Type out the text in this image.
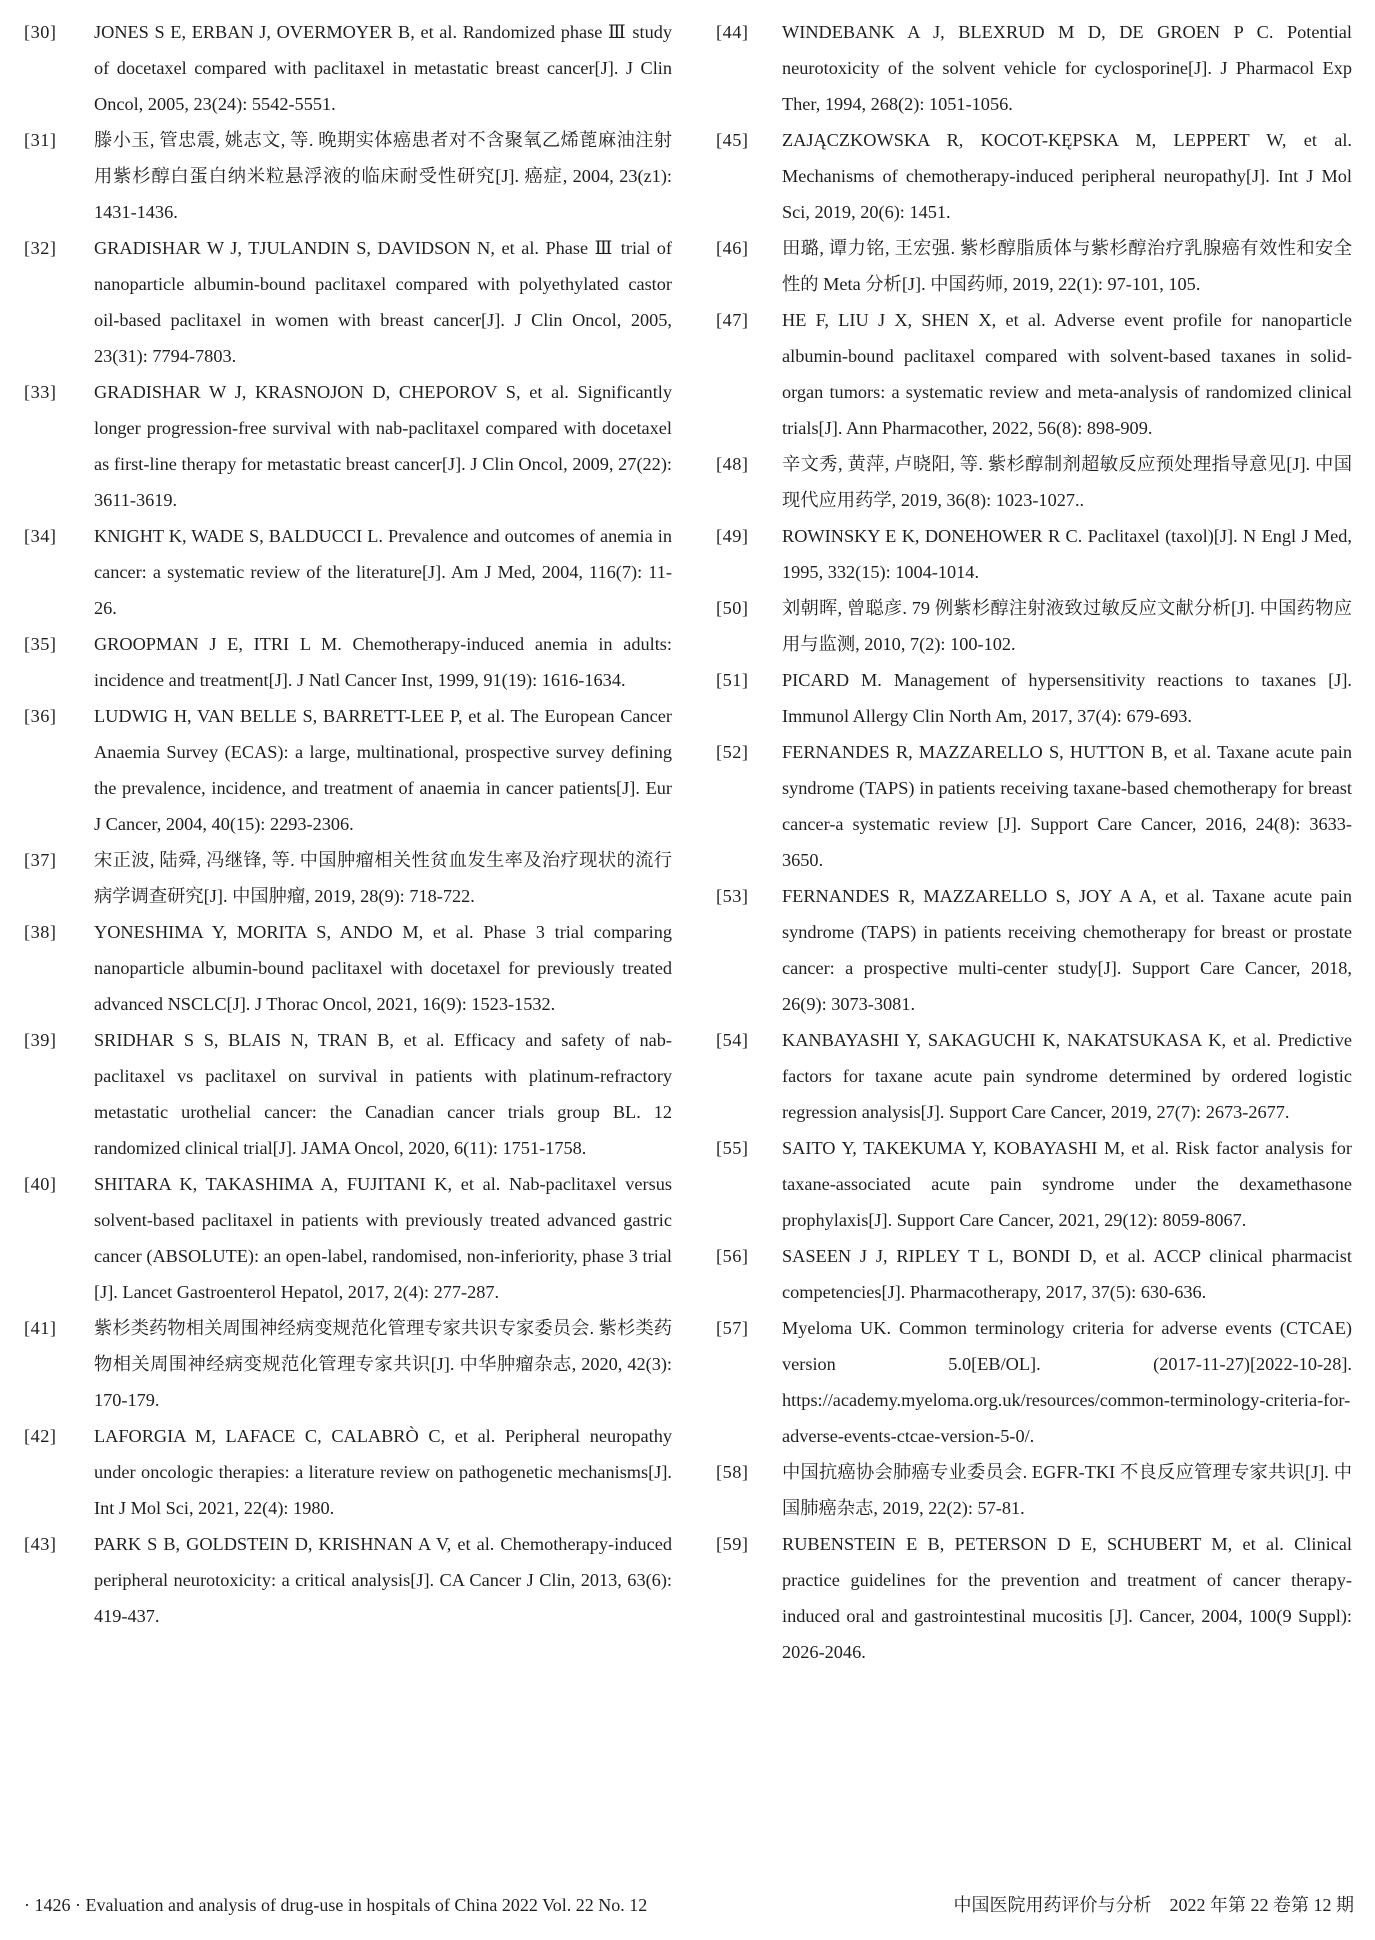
[30]	JONES S E, ERBAN J, OVERMOYER B, et al. Randomized phase Ⅲ study of docetaxel compared with paclitaxel in metastatic breast cancer[J]. J Clin Oncol, 2005, 23(24): 5542-5551.
[31]	滕小玉, 管忠震, 姚志文, 等. 晚期实体癌患者对不含聚氧乙烯蓖麻油注射用紫杉醇白蛋白纳米粒悬浮液的临床耐受性研究[J]. 癌症, 2004, 23(z1): 1431-1436.
[32]	GRADISHAR W J, TJULANDIN S, DAVIDSON N, et al. Phase Ⅲ trial of nanoparticle albumin-bound paclitaxel compared with polyethylated castor oil-based paclitaxel in women with breast cancer[J]. J Clin Oncol, 2005, 23(31): 7794-7803.
[33]	GRADISHAR W J, KRASNOJON D, CHEPOROV S, et al. Significantly longer progression-free survival with nab-paclitaxel compared with docetaxel as first-line therapy for metastatic breast cancer[J]. J Clin Oncol, 2009, 27(22): 3611-3619.
[34]	KNIGHT K, WADE S, BALDUCCI L. Prevalence and outcomes of anemia in cancer: a systematic review of the literature[J]. Am J Med, 2004, 116(7): 11-26.
[35]	GROOPMAN J E, ITRI L M. Chemotherapy-induced anemia in adults: incidence and treatment[J]. J Natl Cancer Inst, 1999, 91(19): 1616-1634.
[36]	LUDWIG H, VAN BELLE S, BARRETT-LEE P, et al. The European Cancer Anaemia Survey (ECAS): a large, multinational, prospective survey defining the prevalence, incidence, and treatment of anaemia in cancer patients[J]. Eur J Cancer, 2004, 40(15): 2293-2306.
[37]	宋正波, 陆舜, 冯继锋, 等. 中国肿瘤相关性贫血发生率及治疗现状的流行病学调查研究[J]. 中国肿瘤, 2019, 28(9): 718-722.
[38]	YONESHIMA Y, MORITA S, ANDO M, et al. Phase 3 trial comparing nanoparticle albumin-bound paclitaxel with docetaxel for previously treated advanced NSCLC[J]. J Thorac Oncol, 2021, 16(9): 1523-1532.
[39]	SRIDHAR S S, BLAIS N, TRAN B, et al. Efficacy and safety of nab-paclitaxel vs paclitaxel on survival in patients with platinum-refractory metastatic urothelial cancer: the Canadian cancer trials group BL. 12 randomized clinical trial[J]. JAMA Oncol, 2020, 6(11): 1751-1758.
[40]	SHITARA K, TAKASHIMA A, FUJITANI K, et al. Nab-paclitaxel versus solvent-based paclitaxel in patients with previously treated advanced gastric cancer (ABSOLUTE): an open-label, randomised, non-inferiority, phase 3 trial [J]. Lancet Gastroenterol Hepatol, 2017, 2(4): 277-287.
[41]	紫杉类药物相关周围神经病变规范化管理专家共识专家委员会. 紫杉类药物相关周围神经病变规范化管理专家共识[J]. 中华肿瘤杂志, 2020, 42(3): 170-179.
[42]	LAFORGIA M, LAFACE C, CALABRÒ C, et al. Peripheral neuropathy under oncologic therapies: a literature review on pathogenetic mechanisms[J]. Int J Mol Sci, 2021, 22(4): 1980.
[43]	PARK S B, GOLDSTEIN D, KRISHNAN A V, et al. Chemotherapy-induced peripheral neurotoxicity: a critical analysis[J]. CA Cancer J Clin, 2013, 63(6): 419-437.
[44]	WINDEBANK A J, BLEXRUD M D, DE GROEN P C. Potential neurotoxicity of the solvent vehicle for cyclosporine[J]. J Pharmacol Exp Ther, 1994, 268(2): 1051-1056.
[45]	ZAJĄCZKOWSKA R, KOCOT-KĘPSKA M, LEPPERT W, et al. Mechanisms of chemotherapy-induced peripheral neuropathy[J]. Int J Mol Sci, 2019, 20(6): 1451.
[46]	田璐, 谭力铭, 王宏强. 紫杉醇脂质体与紫杉醇治疗乳腺癌有效性和安全性的 Meta 分析[J]. 中国药师, 2019, 22(1): 97-101, 105.
[47]	HE F, LIU J X, SHEN X, et al. Adverse event profile for nanoparticle albumin-bound paclitaxel compared with solvent-based taxanes in solid-organ tumors: a systematic review and meta-analysis of randomized clinical trials[J]. Ann Pharmacother, 2022, 56(8): 898-909.
[48]	辛文秀, 黄萍, 卢晓阳, 等. 紫杉醇制剂超敏反应预处理指导意见[J]. 中国现代应用药学, 2019, 36(8): 1023-1027..
[49]	ROWINSKY E K, DONEHOWER R C. Paclitaxel (taxol)[J]. N Engl J Med, 1995, 332(15): 1004-1014.
[50]	刘朝晖, 曾聪彦. 79 例紫杉醇注射液致过敏反应文献分析[J]. 中国药物应用与监测, 2010, 7(2): 100-102.
[51]	PICARD M. Management of hypersensitivity reactions to taxanes [J]. Immunol Allergy Clin North Am, 2017, 37(4): 679-693.
[52]	FERNANDES R, MAZZARELLO S, HUTTON B, et al. Taxane acute pain syndrome (TAPS) in patients receiving taxane-based chemotherapy for breast cancer-a systematic review [J]. Support Care Cancer, 2016, 24(8): 3633-3650.
[53]	FERNANDES R, MAZZARELLO S, JOY A A, et al. Taxane acute pain syndrome (TAPS) in patients receiving chemotherapy for breast or prostate cancer: a prospective multi-center study[J]. Support Care Cancer, 2018, 26(9): 3073-3081.
[54]	KANBAYASHI Y, SAKAGUCHI K, NAKATSUKASA K, et al. Predictive factors for taxane acute pain syndrome determined by ordered logistic regression analysis[J]. Support Care Cancer, 2019, 27(7): 2673-2677.
[55]	SAITO Y, TAKEKUMA Y, KOBAYASHI M, et al. Risk factor analysis for taxane-associated acute pain syndrome under the dexamethasone prophylaxis[J]. Support Care Cancer, 2021, 29(12): 8059-8067.
[56]	SASEEN J J, RIPLEY T L, BONDI D, et al. ACCP clinical pharmacist competencies[J]. Pharmacotherapy, 2017, 37(5): 630-636.
[57]	Myeloma UK. Common terminology criteria for adverse events (CTCAE) version 5.0[EB/OL]. (2017-11-27)[2022-10-28]. https://academy.myeloma.org.uk/resources/common-terminology-criteria-for-adverse-events-ctcae-version-5-0/.
[58]	中国抗癌协会肺癌专业委员会. EGFR-TKI 不良反应管理专家共识[J]. 中国肺癌杂志, 2019, 22(2): 57-81.
[59]	RUBENSTEIN E B, PETERSON D E, SCHUBERT M, et al. Clinical practice guidelines for the prevention and treatment of cancer therapy-induced oral and gastrointestinal mucositis [J]. Cancer, 2004, 100(9 Suppl): 2026-2046.
· 1426 · Evaluation and analysis of drug-use in hospitals of China 2022 Vol. 22 No. 12	中国医院用药评价与分析　2022 年第 22 卷第 12 期
